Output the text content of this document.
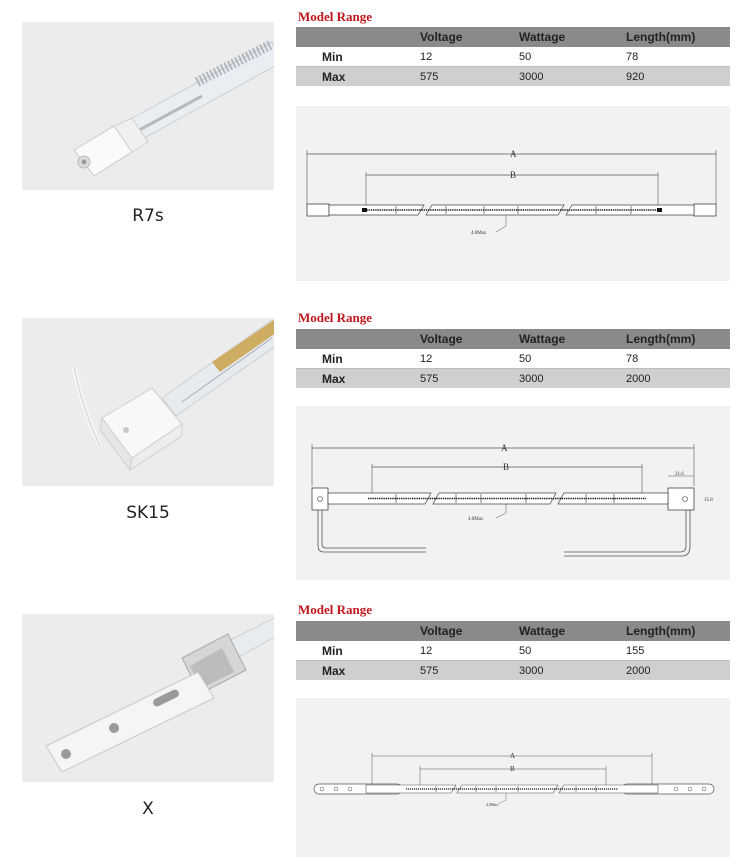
R7s
Model Range
	Voltage	Wattage	Length(mm)
Min	12	50	78
Max	575	3000	920
A
B
4.0Max
SK15
Model Range
	Voltage	Wattage	Length(mm)
Min	12	50	78
Max	575	3000	2000
A
B
21.6
15.8
4.0Max
X
Model Range
	Voltage	Wattage	Length(mm)
Min	12	50	155
Max	575	3000	2000
A
B
4.0Max
